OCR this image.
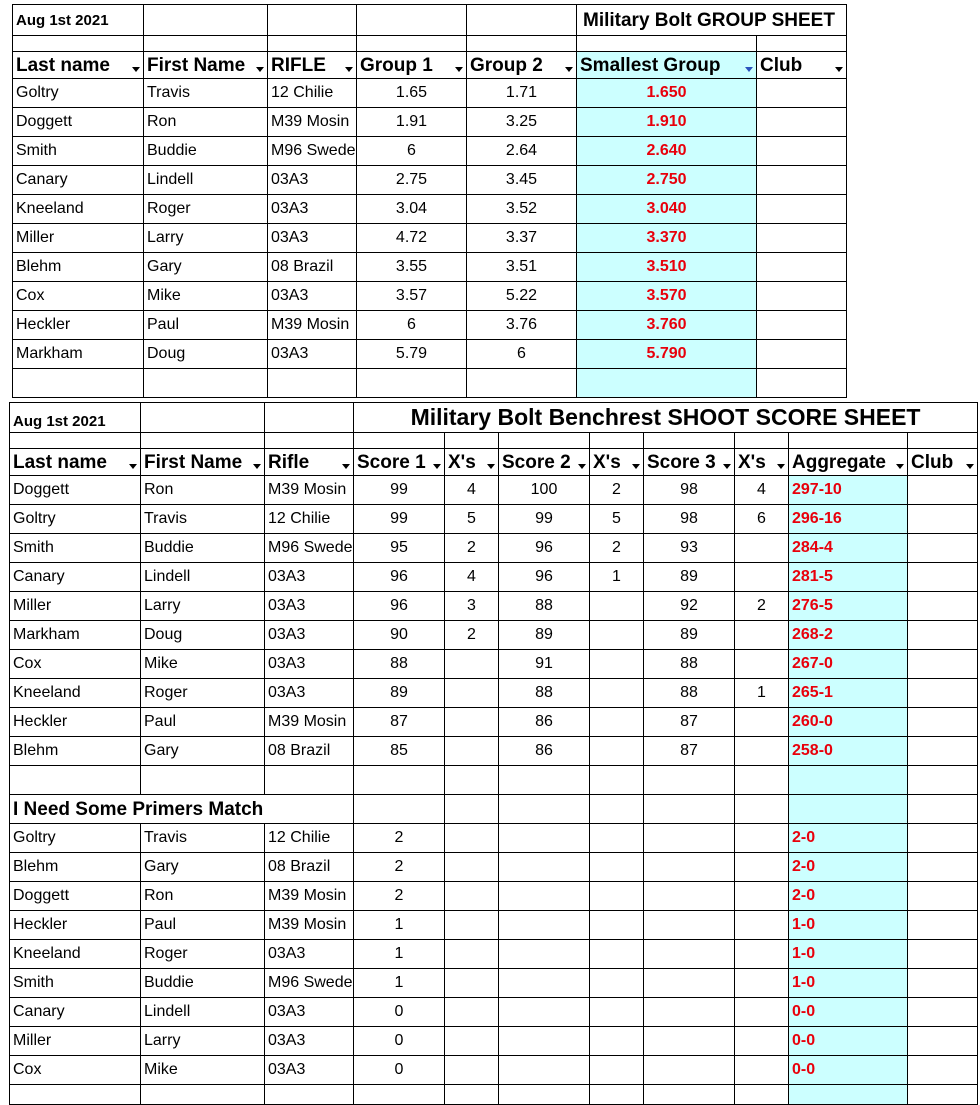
Aug 1st 2021					Military Bolt GROUP SHEET	

Last name	First Name	RIFLE	Group 1	Group 2	Smallest Group	Club

Goltry	Travis	12 Chilie	1.65	1.71	1.650	
Doggett	Ron	M39 Mosin	1.91	3.25	1.910	
Smith	Buddie	M96 Swede	6	2.64	2.640	
Canary	Lindell	03A3	2.75	3.45	2.750	
Kneeland	Roger	03A3	3.04	3.52	3.040	
Miller	Larry	03A3	4.72	3.37	3.370	
Blehm	Gary	08 Brazil	3.55	3.51	3.510	
Cox	Mike	03A3	3.57	5.22	3.570	
Heckler	Paul	M39 Mosin	6	3.76	3.760	
Markham	Doug	03A3	5.79	6	5.790	

Aug 1st 2021			Military Bolt Benchrest SHOOT SCORE SHEET							

Last name	First Name	Rifle	Score 1	X's	Score 2	X's	Score 3	X's	Aggregate	Club

Doggett	Ron	M39 Mosin	99	4	100	2	98	4	297-10	
Goltry	Travis	12 Chilie	99	5	99	5	98	6	296-16	
Smith	Buddie	M96 Swede	95	2	96	2	93		284-4	
Canary	Lindell	03A3	96	4	96	1	89		281-5	
Miller	Larry	03A3	96	3	88		92	2	276-5	
Markham	Doug	03A3	90	2	89		89		268-2	
Cox	Mike	03A3	88		91		88		267-0	
Kneeland	Roger	03A3	89		88		88	1	265-1	
Heckler	Paul	M39 Mosin	87		86		87		260-0	
Blehm	Gary	08 Brazil	85		86		87		258-0	

I Need Some Primers Match										
Goltry	Travis	12 Chilie	2						2-0	
Blehm	Gary	08 Brazil	2						2-0	
Doggett	Ron	M39 Mosin	2						2-0	
Heckler	Paul	M39 Mosin	1						1-0	
Kneeland	Roger	03A3	1						1-0	
Smith	Buddie	M96 Swede	1						1-0	
Canary	Lindell	03A3	0						0-0	
Miller	Larry	03A3	0						0-0	
Cox	Mike	03A3	0						0-0	
